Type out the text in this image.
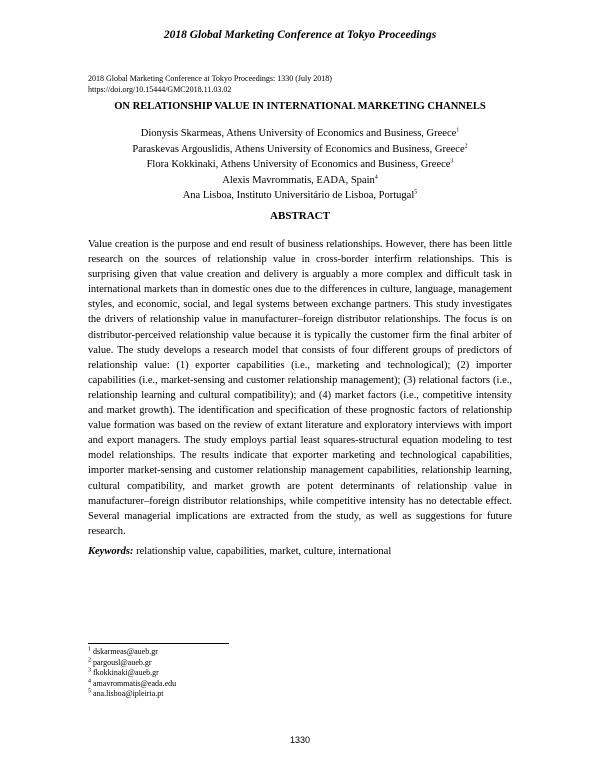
2018 Global Marketing Conference at Tokyo Proceedings
2018 Global Marketing Conference at Tokyo Proceedings: 1330 (July 2018)
https://doi.org/10.15444/GMC2018.11.03.02
ON RELATIONSHIP VALUE IN INTERNATIONAL MARKETING CHANNELS
Dionysis Skarmeas, Athens University of Economics and Business, Greece$^1$
Paraskevas Argouslidis, Athens University of Economics and Business, Greece$^2$
Flora Kokkinaki, Athens University of Economics and Business, Greece$^3$
Alexis Mavrommatis, EADA, Spain$^4$
Ana Lisboa, Instituto Universitário de Lisboa, Portugal$^5$
ABSTRACT

Value creation is the purpose and end result of business relationships. However, there has been little research on the sources of relationship value in cross-border interfirm relationships. This is surprising given that value creation and delivery is arguably a more complex and difficult task in international markets than in domestic ones due to the differences in culture, language, management styles, and economic, social, and legal systems between exchange partners. This study investigates the drivers of relationship value in manufacturer–foreign distributor relationships. The focus is on distributor-perceived relationship value because it is typically the customer firm the final arbiter of value. The study develops a research model that consists of four different groups of predictors of relationship value: (1) exporter capabilities (i.e., marketing and technological); (2) importer capabilities (i.e., market-sensing and customer relationship management); (3) relational factors (i.e., relationship learning and cultural compatibility); and (4) market factors (i.e., competitive intensity and market growth). The identification and specification of these prognostic factors of relationship value formation was based on the review of extant literature and exploratory interviews with import and export managers. The study employs partial least squares-structural equation modeling to test model relationships. The results indicate that exporter marketing and technological capabilities, importer market-sensing and customer relationship management capabilities, relationship learning, cultural compatibility, and market growth are potent determinants of relationship value in manufacturer–foreign distributor relationships, while competitive intensity has no detectable effect. Several managerial implications are extracted from the study, as well as suggestions for future research.

Keywords: relationship value, capabilities, market, culture, international
$^1$ dskarmeas@aueb.gr
$^2$ pargousl@aueb.gr
$^3$ fkokkinaki@aueb.gr
$^4$ amavrommatis@eada.edu
$^5$ ana.lisboa@ipleiria.pt
1330
